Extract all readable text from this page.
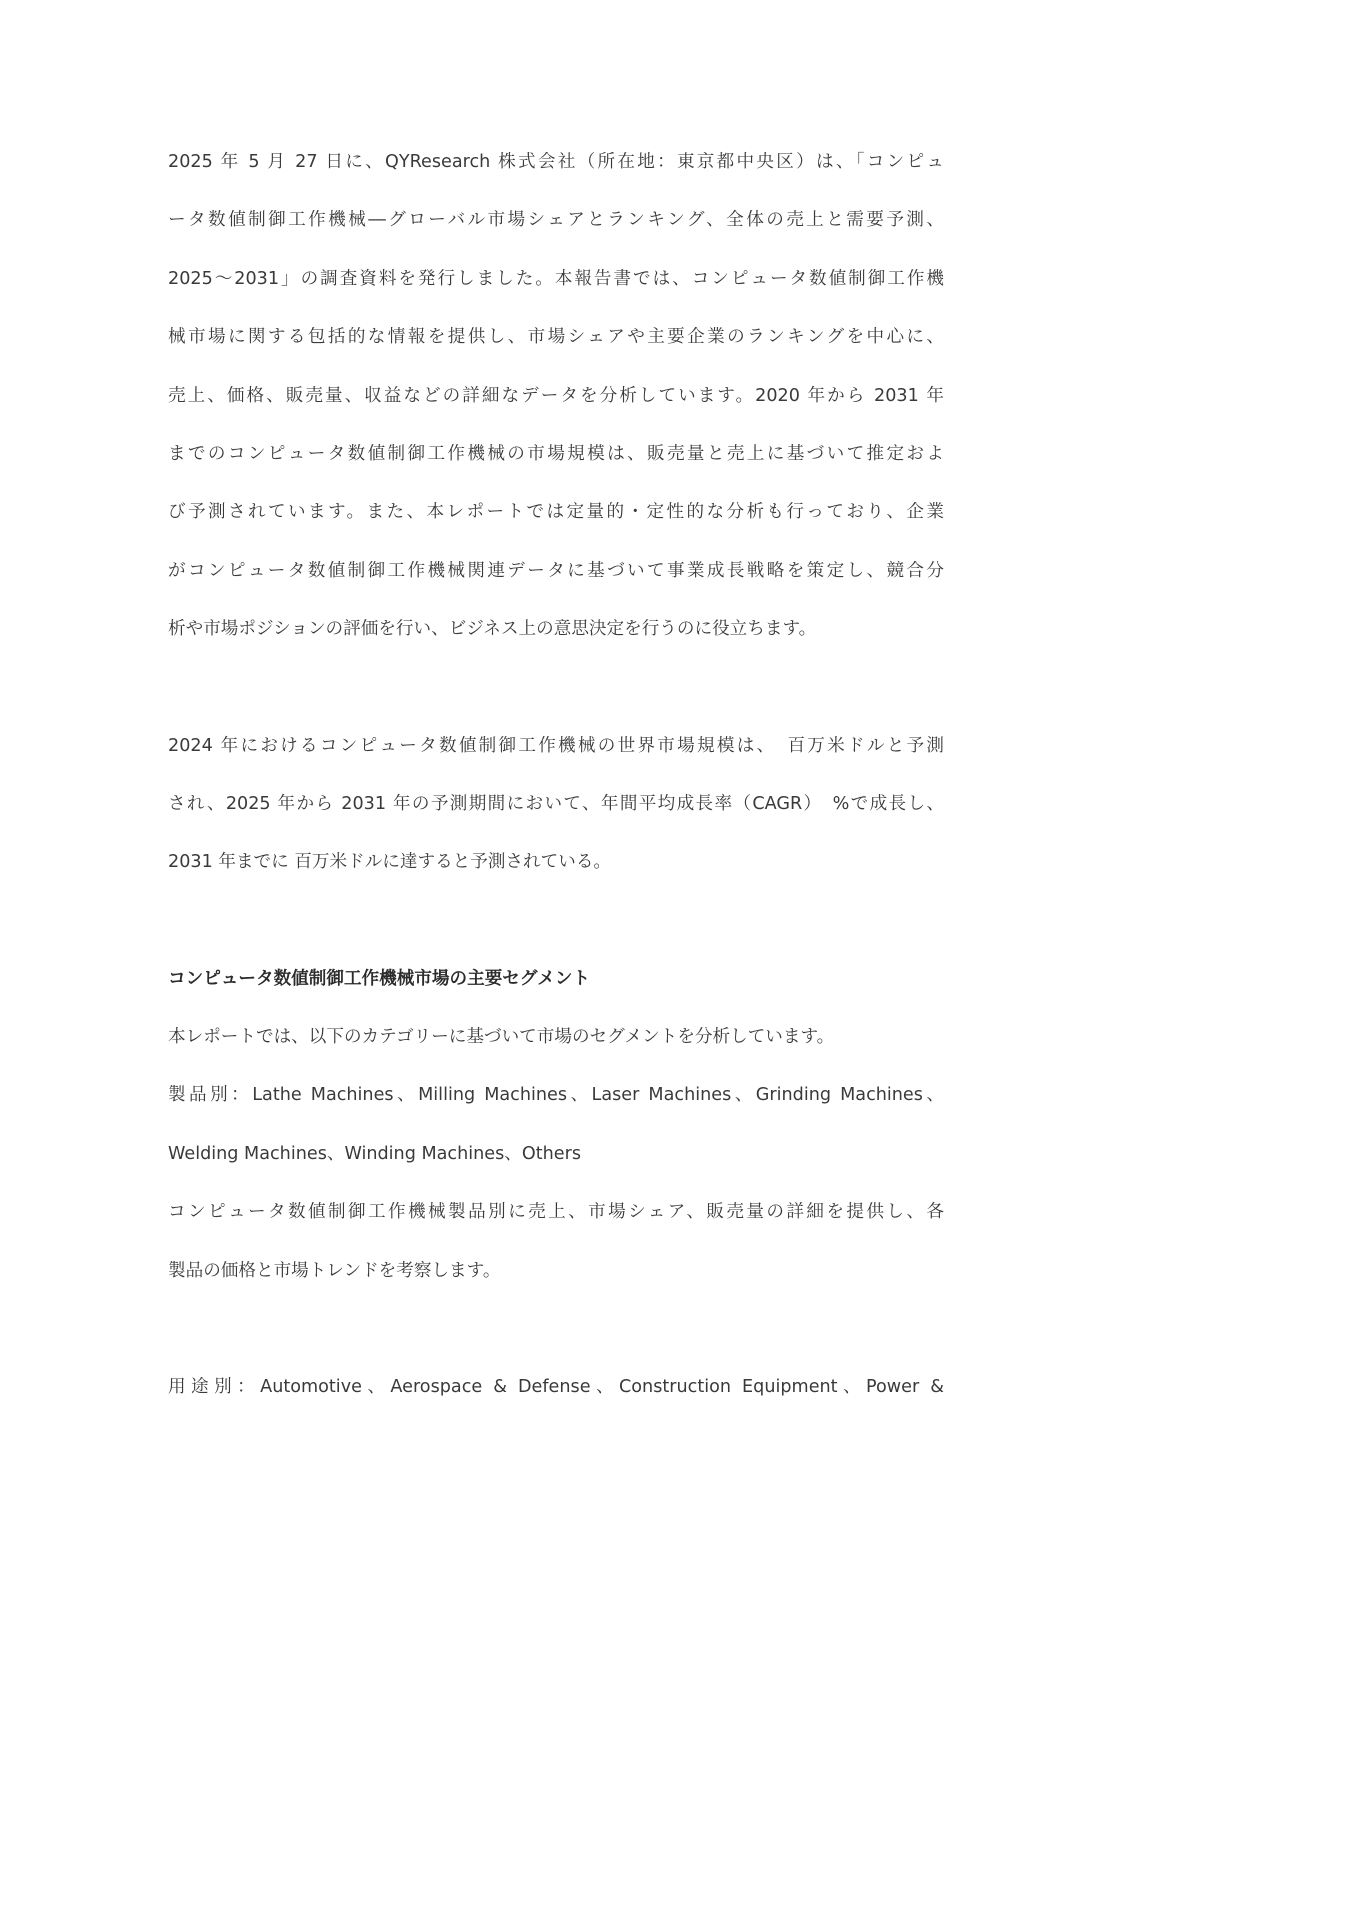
2025 年 5 月 27 日に、QYResearch 株式会社（所在地：東京都中央区）は、「コンピュ
ータ数値制御工作機械―グローバル市場シェアとランキング、全体の売上と需要予測、
2025～2031」の調査資料を発行しました。本報告書では、コンピュータ数値制御工作機
械市場に関する包括的な情報を提供し、市場シェアや主要企業のランキングを中心に、
売上、価格、販売量、収益などの詳細なデータを分析しています。2020 年から 2031 年
までのコンピュータ数値制御工作機械の市場規模は、販売量と売上に基づいて推定およ
び予測されています。また、本レポートでは定量的・定性的な分析も行っており、企業
がコンピュータ数値制御工作機械関連データに基づいて事業成長戦略を策定し、競合分
析や市場ポジションの評価を行い、ビジネス上の意思決定を行うのに役立ちます。

2024 年におけるコンピュータ数値制御工作機械の世界市場規模は、　百万米ドルと予測
され、2025 年から 2031 年の予測期間において、年間平均成長率（CAGR）　%で成長し、
2031 年までに 百万米ドルに達すると予測されている。

コンピュータ数値制御工作機械市場の主要セグメント
本レポートでは、以下のカテゴリーに基づいて市場のセグメントを分析しています。
製品別：Lathe Machines、Milling Machines、Laser Machines、Grinding Machines、
Welding Machines、Winding Machines、Others
コンピュータ数値制御工作機械製品別に売上、市場シェア、販売量の詳細を提供し、各
製品の価格と市場トレンドを考察します。
用途別：Automotive、Aerospace & Defense、Construction Equipment、Power &
